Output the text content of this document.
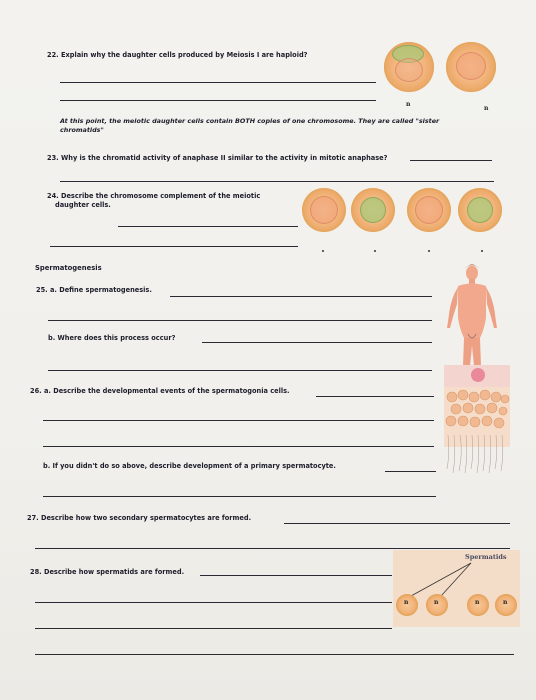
22. Explain why the daughter cells produced by Meiosis I are haploid?
n
n
At this point, the meiotic daughter cells contain BOTH copies of one chromosome. They are called "sister chromatids"
23. Why is the chromatid activity of anaphase II similar to the activity in mitotic anaphase?
24. Describe the chromosome complement of the meiotic
daughter cells.
Spermatogenesis
25. a. Define spermatogenesis.
b. Where does this process occur?
26. a. Describe the developmental events of the spermatogonia cells.
b. If you didn't do so above, describe development of a primary spermatocyte.
27. Describe how two secondary spermatocytes are formed.
28. Describe how spermatids are formed.
Spermatids
n	n	n	n
